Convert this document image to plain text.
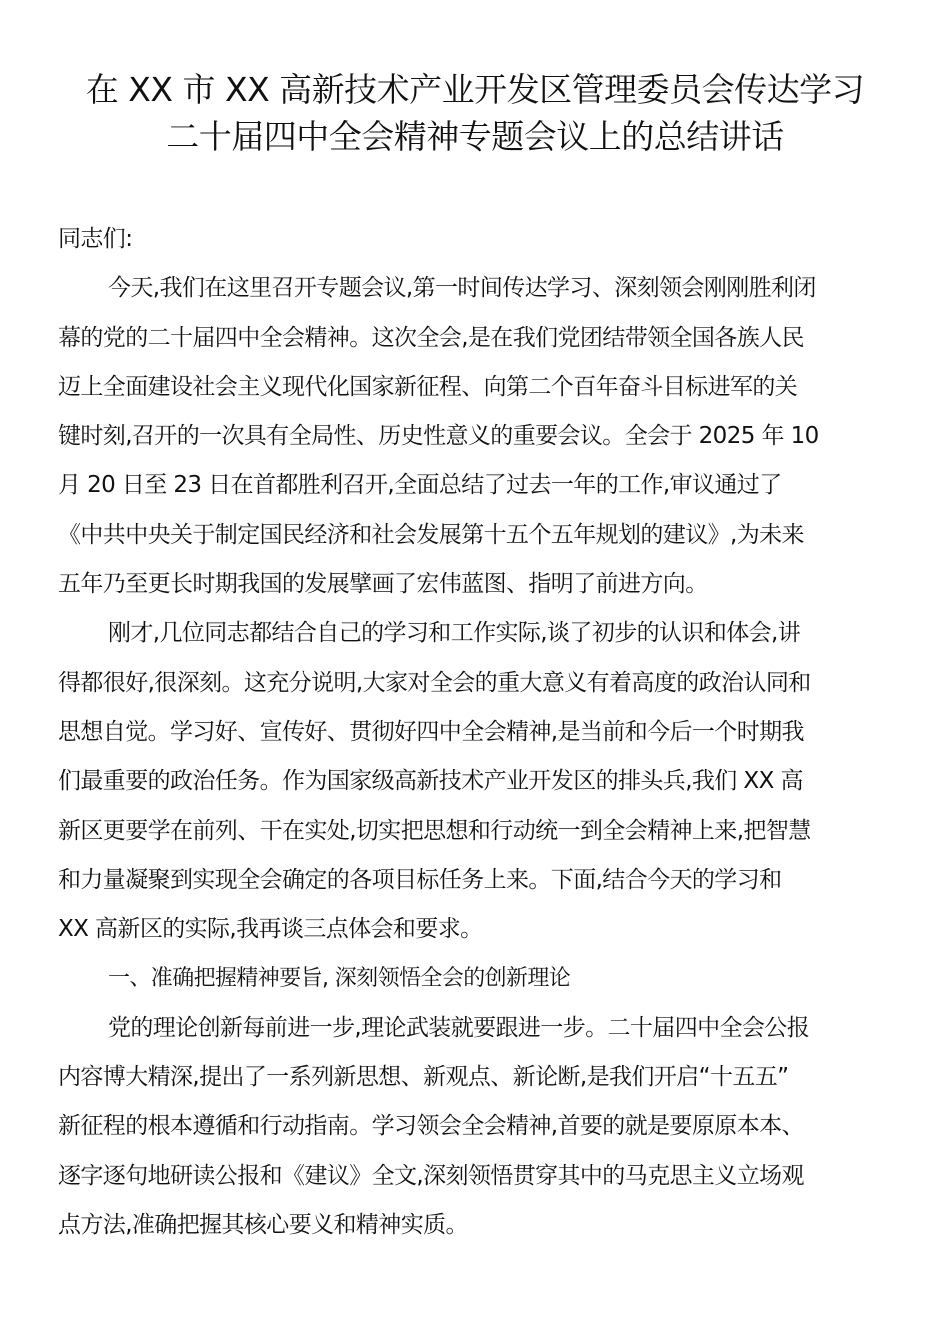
在 XX 市 XX 高新技术产业开发区管理委员会传达学习
二十届四中全会精神专题会议上的总结讲话
同志们:
今天,我们在这里召开专题会议,第一时间传达学习、深刻领会刚刚胜利闭
幕的党的二十届四中全会精神。这次全会,是在我们党团结带领全国各族人民
迈上全面建设社会主义现代化国家新征程、向第二个百年奋斗目标进军的关
键时刻,召开的一次具有全局性、历史性意义的重要会议。全会于 2025 年 10
月 20 日至 23 日在首都胜利召开,全面总结了过去一年的工作,审议通过了
《中共中央关于制定国民经济和社会发展第十五个五年规划的建议》,为未来
五年乃至更长时期我国的发展擘画了宏伟蓝图、指明了前进方向。
刚才,几位同志都结合自己的学习和工作实际,谈了初步的认识和体会,讲
得都很好,很深刻。这充分说明,大家对全会的重大意义有着高度的政治认同和
思想自觉。学习好、宣传好、贯彻好四中全会精神,是当前和今后一个时期我
们最重要的政治任务。作为国家级高新技术产业开发区的排头兵,我们 XX 高
新区更要学在前列、干在实处,切实把思想和行动统一到全会精神上来,把智慧
和力量凝聚到实现全会确定的各项目标任务上来。下面,结合今天的学习和
XX 高新区的实际,我再谈三点体会和要求。
一、准确把握精神要旨, 深刻领悟全会的创新理论
党的理论创新每前进一步,理论武装就要跟进一步。二十届四中全会公报
内容博大精深,提出了一系列新思想、新观点、新论断,是我们开启“十五五”
新征程的根本遵循和行动指南。学习领会全会精神,首要的就是要原原本本、
逐字逐句地研读公报和《建议》全文,深刻领悟贯穿其中的马克思主义立场观
点方法,准确把握其核心要义和精神实质。
